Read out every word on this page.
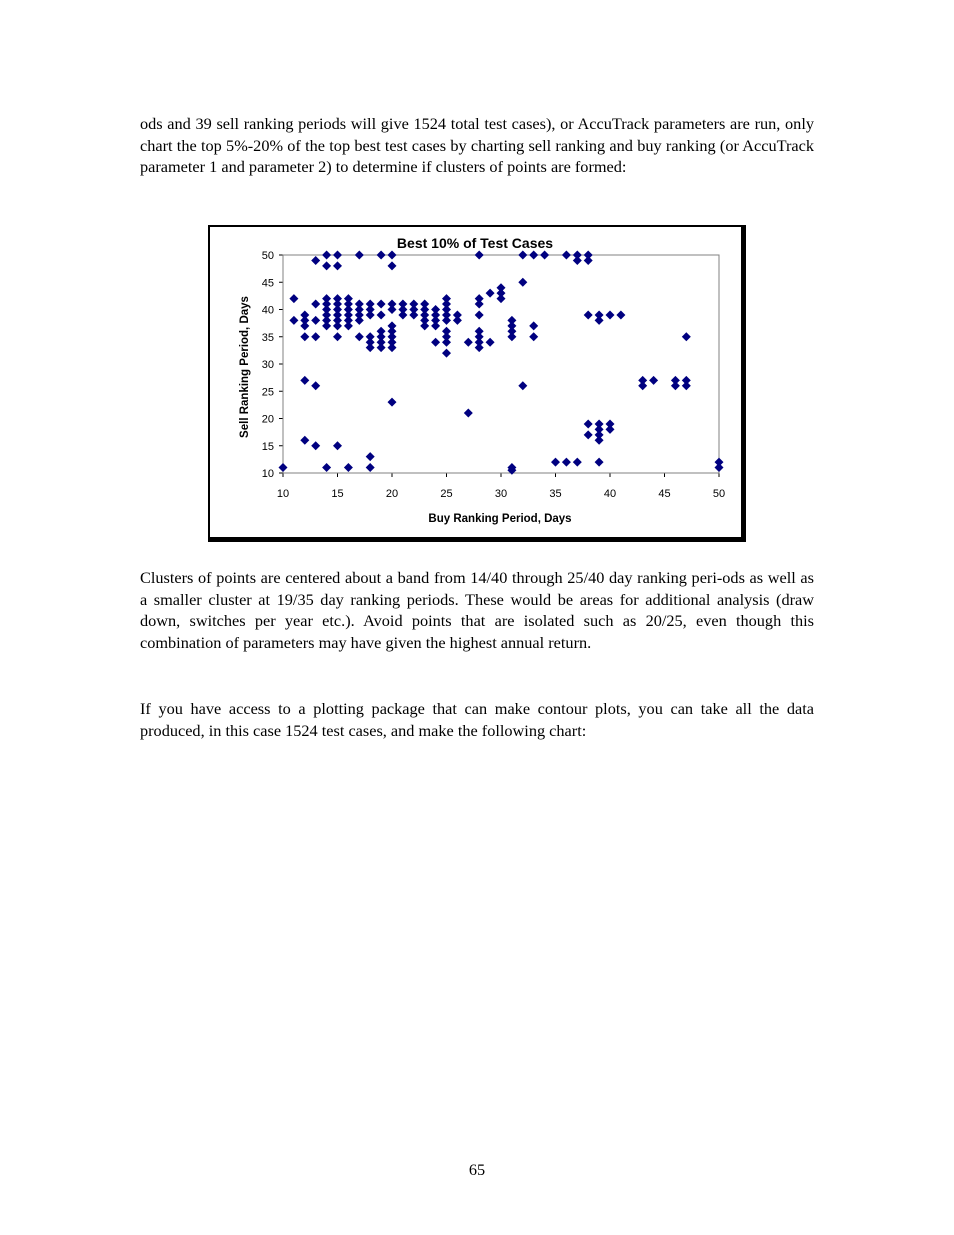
ods and 39 sell ranking periods will give 1524 total test cases), or AccuTrack parameters are run, only chart the top 5%-20% of the top best test cases by charting sell ranking and buy ranking (or AccuTrack parameter 1 and parameter 2) to determine if clusters of points are formed:

10
15
20
25
30
35
40
45
50
10	15	20	25	30	35	40	45	50
Best 10% of Test Cases
Buy Ranking Period, Days
Sell Ranking Period, Days

Clusters of points are centered about a band from 14/40 through 25/40 day ranking peri-ods as well as a smaller cluster at 19/35 day ranking periods. These would be areas for additional analysis (draw down, switches per year etc.). Avoid points that are isolated such as 20/25, even though this combination of parameters may have given the highest annual return.

If you have access to a plotting package that can make contour plots, you can take all the data produced, in this case 1524 test cases, and make the following chart:

65
